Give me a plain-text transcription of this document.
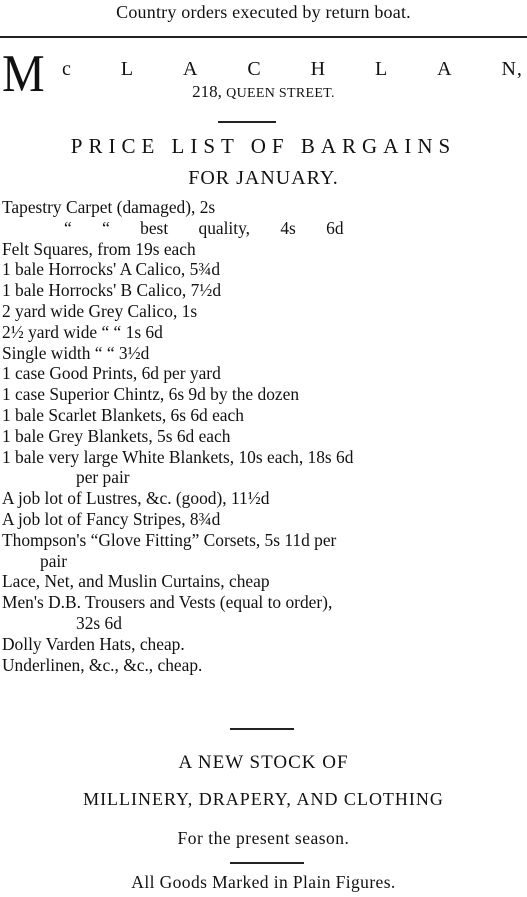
Country orders executed by return boat.
M c L A C H L A N,
218, QUEEN STREET.
PRICE LIST OF BARGAINS
FOR JANUARY.
Tapestry Carpet (damaged), 2s
“ “ best quality, 4s 6d
Felt Squares, from 19s each
1 bale Horrocks' A Calico, 5¾d
1 bale Horrocks' B Calico, 7½d
2 yard wide Grey Calico, 1s
2½ yard wide “ “ 1s 6d
Single width “ “ 3½d
1 case Good Prints, 6d per yard
1 case Superior Chintz, 6s 9d by the dozen
1 bale Scarlet Blankets, 6s 6d each
1 bale Grey Blankets, 5s 6d each
1 bale very large White Blankets, 10s each, 18s 6d
per pair
A job lot of Lustres, &c. (good), 11½d
A job lot of Fancy Stripes, 8¾d
Thompson's “Glove Fitting” Corsets, 5s 11d per
pair
Lace, Net, and Muslin Curtains, cheap
Men's D.B. Trousers and Vests (equal to order),
32s 6d
Dolly Varden Hats, cheap.
Underlinen, &c., &c., cheap.
A NEW STOCK OF
MILLINERY, DRAPERY, AND CLOTHING
For the present season.
All Goods Marked in Plain Figures.
